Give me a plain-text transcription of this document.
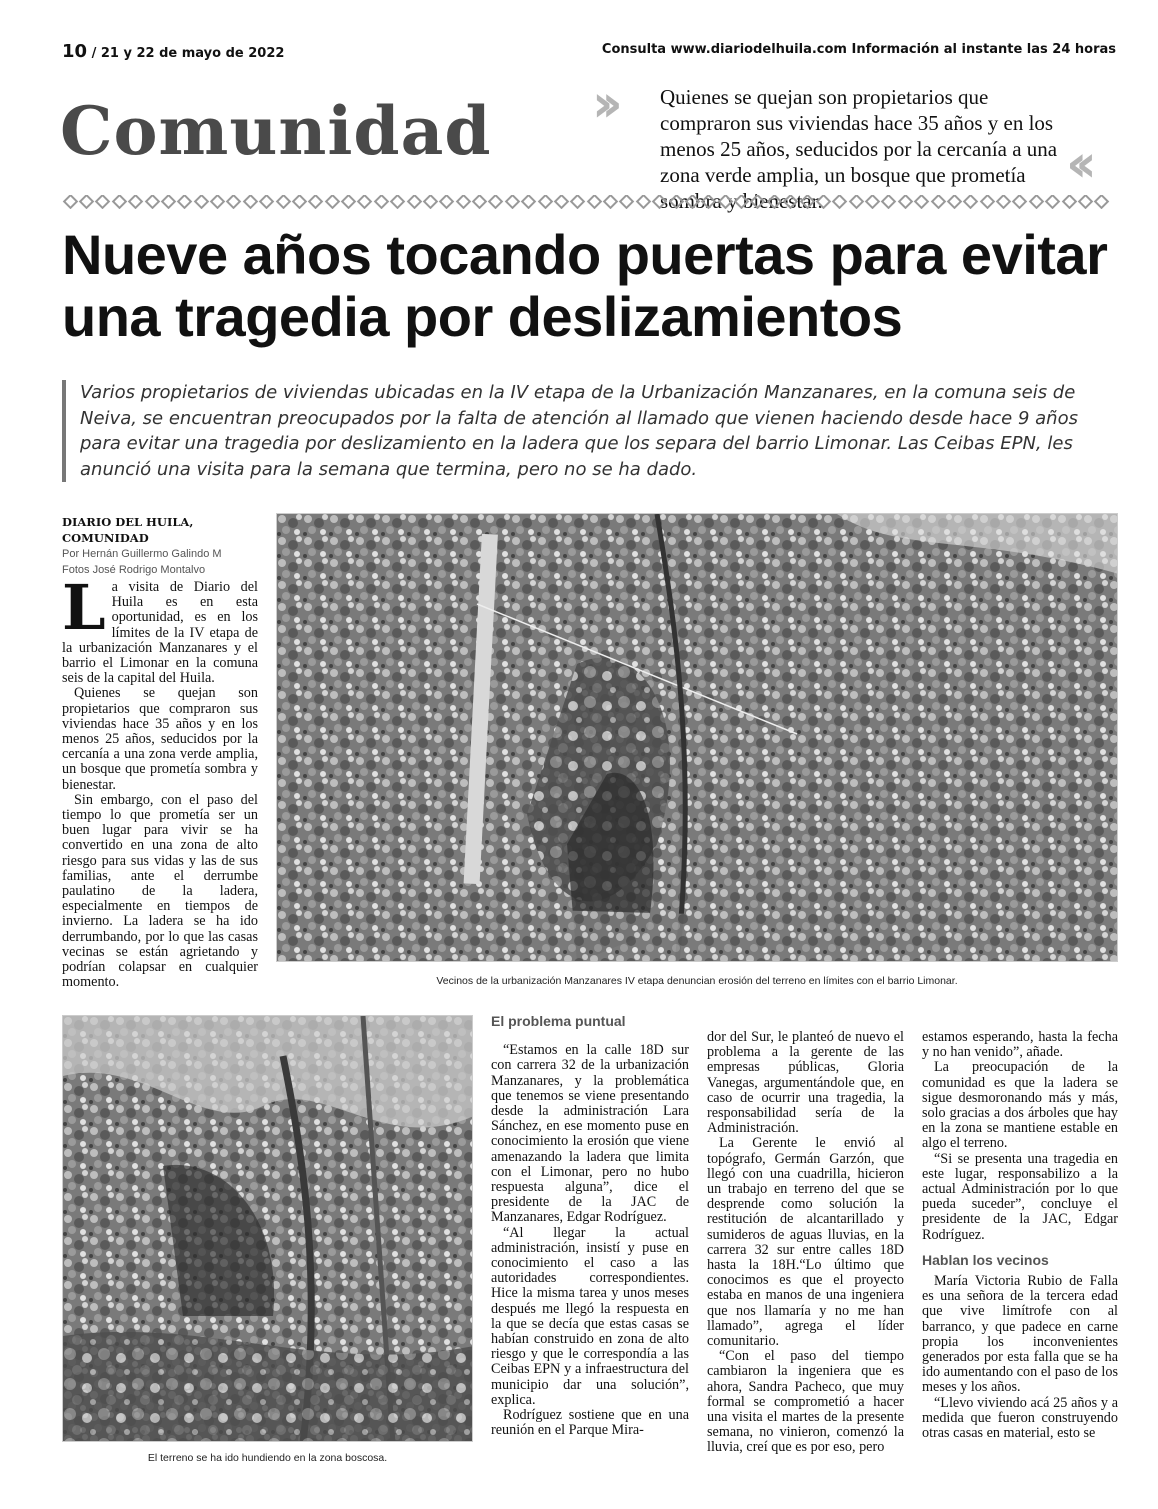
10 / 21 y 22 de mayo de 2022	Consulta www.diariodelhuila.com Información al instante las 24 horas
Comunidad ›› Quienes se quejan son propietarios que compraron sus viviendas hace 35 años y en los menos 25 años, seducidos por la cercanía a una zona verde amplia, un bosque que prometía sombra y bienestar.
‹‹
Nueve años tocando puertas para evitar una tragedia por deslizamientos
Varios propietarios de viviendas ubicadas en la IV etapa de la Urbanización Manzanares, en la comuna seis de Neiva, se encuentran preocupados por la falta de atención al llamado que vienen haciendo desde hace 9 años para evitar una tragedia por deslizamiento en la ladera que los separa del barrio Limonar. Las Ceibas EPN, les anunció una visita para la semana que termina, pero no se ha dado.
DIARIO DEL HUILA,
COMUNIDAD
Por Hernán Guillermo Galindo M
Fotos José Rodrigo Montalvo

La visita de Diario del Huila es en esta oportunidad, es en los límites de la IV etapa de la urbanización Manzanares y el barrio el Limonar en la comuna seis de la capital del Huila.

Quienes se quejan son propietarios que compraron sus viviendas hace 35 años y en los menos 25 años, seducidos por la cercanía a una zona verde amplia, un bosque que prometía sombra y bienestar.

Sin embargo, con el paso del tiempo lo que prometía ser un buen lugar para vivir se ha convertido en una zona de alto riesgo para sus vidas y las de sus familias, ante el derrumbe paulatino de la ladera, especialmente en tiempos de invierno. La ladera se ha ido derrumbando, por lo que las casas vecinas se están agrietando y podrían colapsar en cualquier momento.	Vecinos de la urbanización Manzanares IV etapa denuncian erosión del terreno en límites con el barrio Limonar.
El terreno se ha ido hundiendo en la zona boscosa.
El problema puntual

“Estamos en la calle 18D sur con carrera 32 de la urbanización Manzanares, y la problemática que tenemos se viene presentando desde la administración Lara Sánchez, en ese momento puse en conocimiento la erosión que viene amenazando la ladera que limita con el Limonar, pero no hubo respuesta alguna”, dice el presidente de la JAC de Manzanares, Edgar Rodríguez.

“Al llegar la actual administración, insistí y puse en conocimiento el caso a las autoridades correspondientes. Hice la misma tarea y unos meses después me llegó la respuesta en la que se decía que estas casas se habían construido en zona de alto riesgo y que le correspondía a las Ceibas EPN y a infraestructura del municipio dar una solución”, explica.

Rodríguez sostiene que en una reunión en el Parque Mira-

dor del Sur, le planteó de nuevo el problema a la gerente de las empresas públicas, Gloria Vanegas, argumentándole que, en caso de ocurrir una tragedia, la responsabilidad sería de la Administración.

La Gerente le envió al topógrafo, Germán Garzón, que llegó con una cuadrilla, hicieron un trabajo en terreno del que se desprende como solución la restitución de alcantarillado y sumideros de aguas lluvias, en la carrera 32 sur entre calles 18D hasta la 18H.“Lo último que conocimos es que el proyecto estaba en manos de una ingeniera que nos llamaría y no me han llamado”, agrega el líder comunitario.

“Con el paso del tiempo cambiaron la ingeniera que es ahora, Sandra Pacheco, que muy formal se comprometió a hacer una visita el martes de la presente semana, no vinieron, comenzó la lluvia, creí que es por eso, pero

estamos esperando, hasta la fecha y no han venido”, añade.

La preocupación de la comunidad es que la ladera se sigue desmoronando más y más, solo gracias a dos árboles que hay en la zona se mantiene estable en algo el terreno.

“Si se presenta una tragedia en este lugar, responsabilizo a la actual Administración por lo que pueda suceder”, concluye el presidente de la JAC, Edgar Rodríguez.

Hablan los vecinos

María Victoria Rubio de Falla es una señora de la tercera edad que vive limítrofe con al barranco, y que padece en carne propia los inconvenientes generados por esta falla que se ha ido aumentando con el paso de los meses y los años.

“Llevo viviendo acá 25 años y a medida que fueron construyendo otras casas en material, esto se
